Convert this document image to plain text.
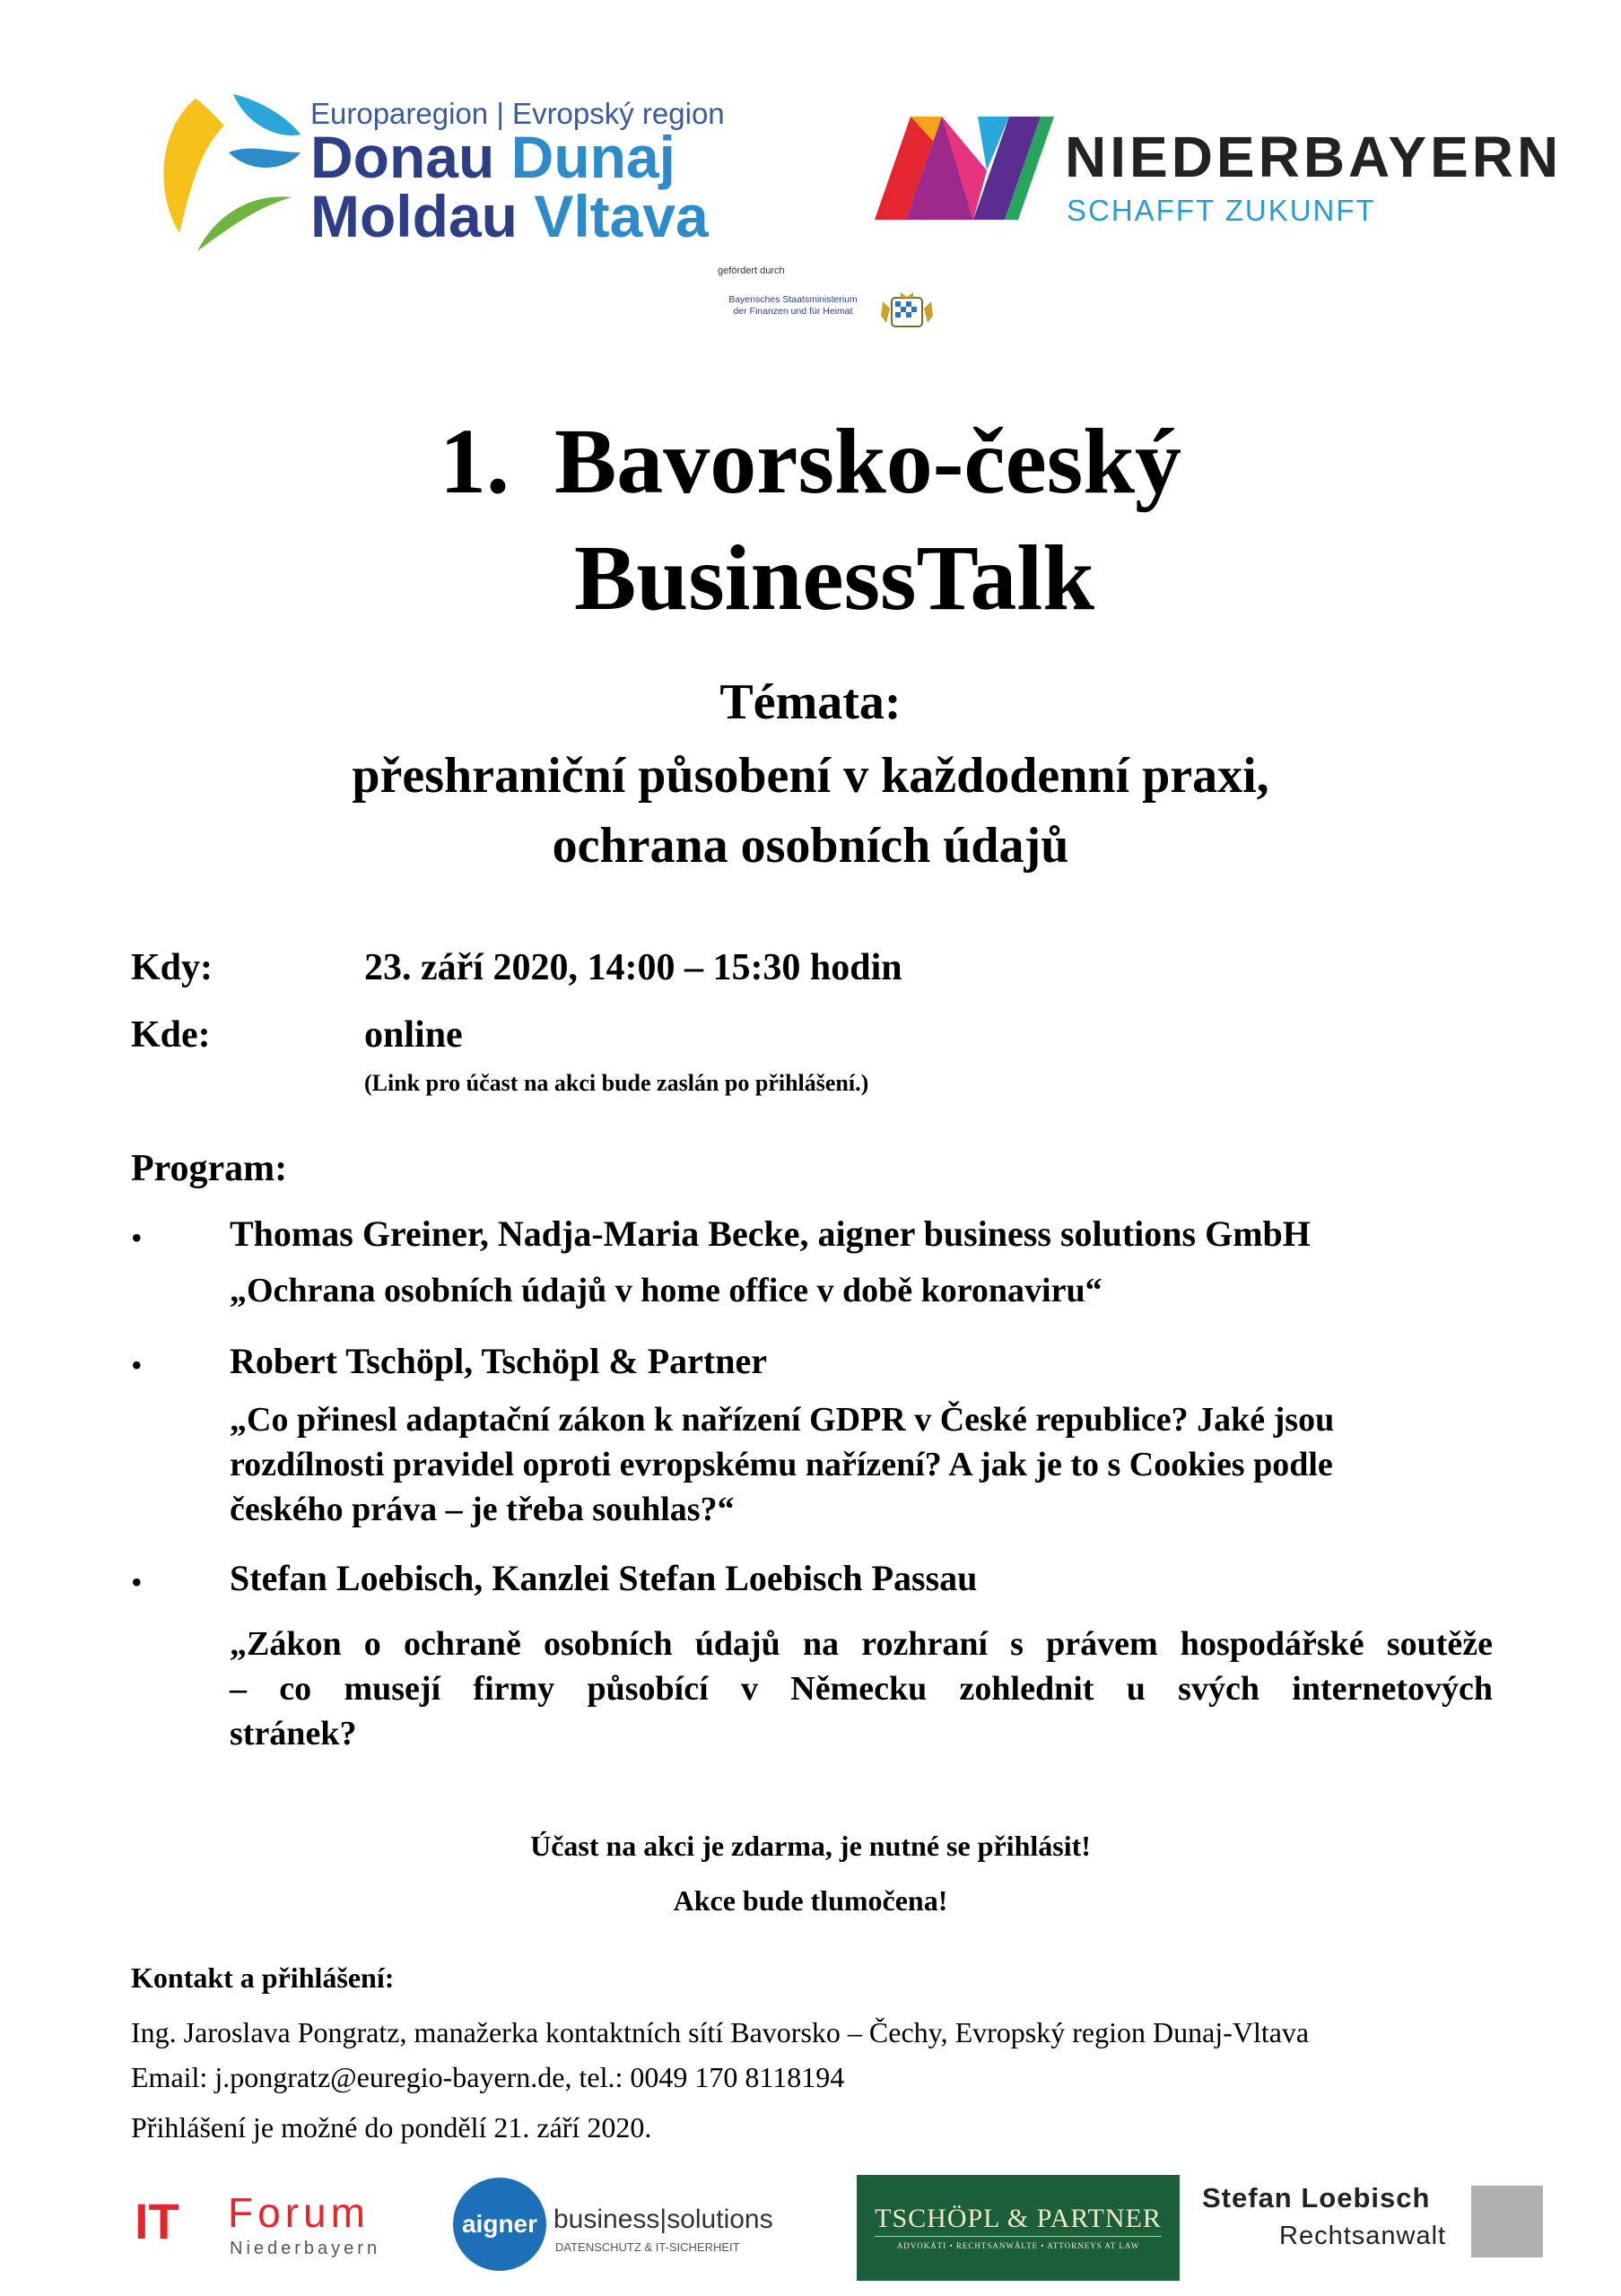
Europaregion | Evropský region
Donau Dunaj
Moldau Vltava
NIEDERBAYERN
SCHAFFT ZUKUNFT
gefördert durch
Bayerisches Staatsministerium
der Finanzen und für Heimat
1. Bavorsko-český
BusinessTalk
Témata:
přeshraniční působení v každodenní praxi,
ochrana osobních údajů
Kdy:	23. září 2020, 14:00 – 15:30 hodin
Kde:	online
(Link pro účast na akci bude zaslán po přihlášení.)
Program:
• Thomas Greiner, Nadja-Maria Becke, aigner business solutions GmbH
„Ochrana osobních údajů v home office v době koronaviru“
• Robert Tschöpl, Tschöpl & Partner
„Co přinesl adaptační zákon k nařízení GDPR v České republice? Jaké jsou
rozdílnosti pravidel oproti evropskému nařízení? A jak je to s Cookies podle
českého práva – je třeba souhlas?“
• Stefan Loebisch, Kanzlei Stefan Loebisch Passau
„Zákon o ochraně osobních údajů na rozhraní s právem hospodářské soutěže
– co musejí firmy působící v Německu zohlednit u svých internetových
stránek?
Účast na akci je zdarma, je nutné se přihlásit!
Akce bude tlumočena!
Kontakt a přihlášení:
Ing. Jaroslava Pongratz, manažerka kontaktních sítí Bavorsko – Čechy, Evropský region Dunaj-Vltava
Email: j.pongratz@euregio-bayern.de, tel.: 0049 170 8118194
Přihlášení je možné do pondělí 21. září 2020.
IT Forum
Niederbayern
aigner business|solutions
DATENSCHUTZ & IT-SICHERHEIT
TSCHÖPL & PARTNER
ADVOKÁTI • RECHTSANWÄLTE • ATTORNEYS AT LAW
Stefan Loebisch
Rechtsanwalt
